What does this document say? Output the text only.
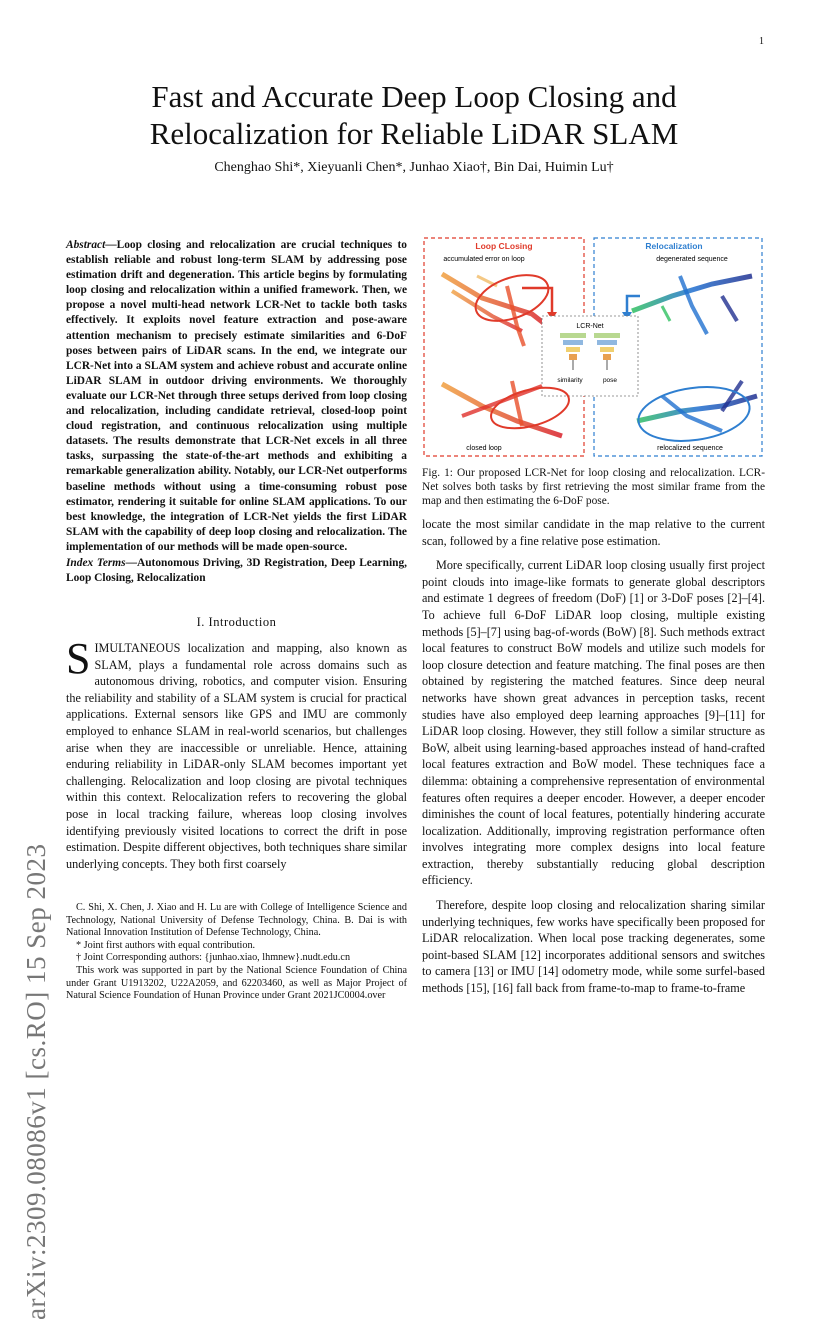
1
arXiv:2309.08086v1 [cs.RO] 15 Sep 2023
Fast and Accurate Deep Loop Closing and
Relocalization for Reliable LiDAR SLAM
Chenghao Shi*, Xieyuanli Chen*, Junhao Xiao†, Bin Dai, Huimin Lu†
Abstract—Loop closing and relocalization are crucial techniques to establish reliable and robust long-term SLAM by addressing pose estimation drift and degeneration. This article begins by formulating loop closing and relocalization within a unified framework. Then, we propose a novel multi-head network LCR-Net to tackle both tasks effectively. It exploits novel feature extraction and pose-aware attention mechanism to precisely estimate similarities and 6-DoF poses between pairs of LiDAR scans. In the end, we integrate our LCR-Net into a SLAM system and achieve robust and accurate online LiDAR SLAM in outdoor driving environments. We thoroughly evaluate our LCR-Net through three setups derived from loop closing and relocalization, including candidate retrieval, closed-loop point cloud registration, and continuous relocalization using multiple datasets. The results demonstrate that LCR-Net excels in all three tasks, surpassing the state-of-the-art methods and exhibiting a remarkable generalization ability. Notably, our LCR-Net outperforms baseline methods without using a time-consuming robust pose estimator, rendering it suitable for online SLAM applications. To our best knowledge, the integration of LCR-Net yields the first LiDAR SLAM with the capability of deep loop closing and relocalization. The implementation of our methods will be made open-source.
Index Terms—Autonomous Driving, 3D Registration, Deep Learning, Loop Closing, Relocalization
I. Introduction

SIMULTANEOUS localization and mapping, also known as SLAM, plays a fundamental role across domains such as autonomous driving, robotics, and computer vision. Ensuring the reliability and stability of a SLAM system is crucial for practical applications. External sensors like GPS and IMU are commonly employed to enhance SLAM in real-world scenarios, but challenges arise when they are inaccessible or unreliable. Hence, attaining enduring reliability in LiDAR-only SLAM becomes important yet challenging. Relocalization and loop closing are pivotal techniques within this context. Relocalization refers to recovering the global pose in local tracking failure, whereas loop closing involves identifying previously visited locations to correct the drift in pose estimation. Despite different objectives, both techniques share similar underlying concepts. They both first coarsely

C. Shi, X. Chen, J. Xiao and H. Lu are with College of Intelligence Science and Technology, National University of Defense Technology, China. B. Dai is with National Innovation Institution of Defense Technology, China.

* Joint first authors with equal contribution.

† Joint Corresponding authors: {junhao.xiao, lhmnew}.nudt.edu.cn

This work was supported in part by the National Science Foundation of China under Grant U1913202, U22A2059, and 62203460, as well as Major Project of Natural Science Foundation of Hunan Province under Grant 2021JC0004.over

Loop CLosing	Relocalization
accumulated error on loop	degenerated sequence
LCR-Net
similarity	pose
closed loop	relocalized sequence
Fig. 1: Our proposed LCR-Net for loop closing and relocalization. LCR-Net solves both tasks by first retrieving the most similar frame from the map and then estimating the 6-DoF pose.

locate the most similar candidate in the map relative to the current scan, followed by a fine relative pose estimation.

More specifically, current LiDAR loop closing usually first project point clouds into image-like formats to generate global descriptors and estimate 1 degrees of freedom (DoF) [1] or 3-DoF poses [2]–[4]. To achieve full 6-DoF LiDAR loop closing, multiple existing methods [5]–[7] using bag-of-words (BoW) [8]. Such methods extract local features to construct BoW models and utilize such models for loop closure detection and feature matching. The final poses are then obtained by registering the matched features. Since deep neural networks have shown great advances in perception tasks, recent studies have also employed deep learning approaches [9]–[11] for LiDAR loop closing. However, they still follow a similar structure as BoW, albeit using learning-based approaches instead of hand-crafted local features extraction and BoW model. These techniques face a dilemma: obtaining a comprehensive representation of environmental features often requires a deeper encoder. However, a deeper encoder diminishes the count of local features, potentially hindering accurate localization. Additionally, improving registration performance often involves integrating more complex designs into local feature extraction, thereby substantially reducing global description efficiency.

Therefore, despite loop closing and relocalization sharing similar underlying techniques, few works have specifically been proposed for LiDAR relocalization. When local pose tracking degenerates, some point-based SLAM [12] incorporates additional sensors and switches to camera [13] or IMU [14] odometry mode, while some surfel-based methods [15], [16] fall back from frame-to-map to frame-to-frame
